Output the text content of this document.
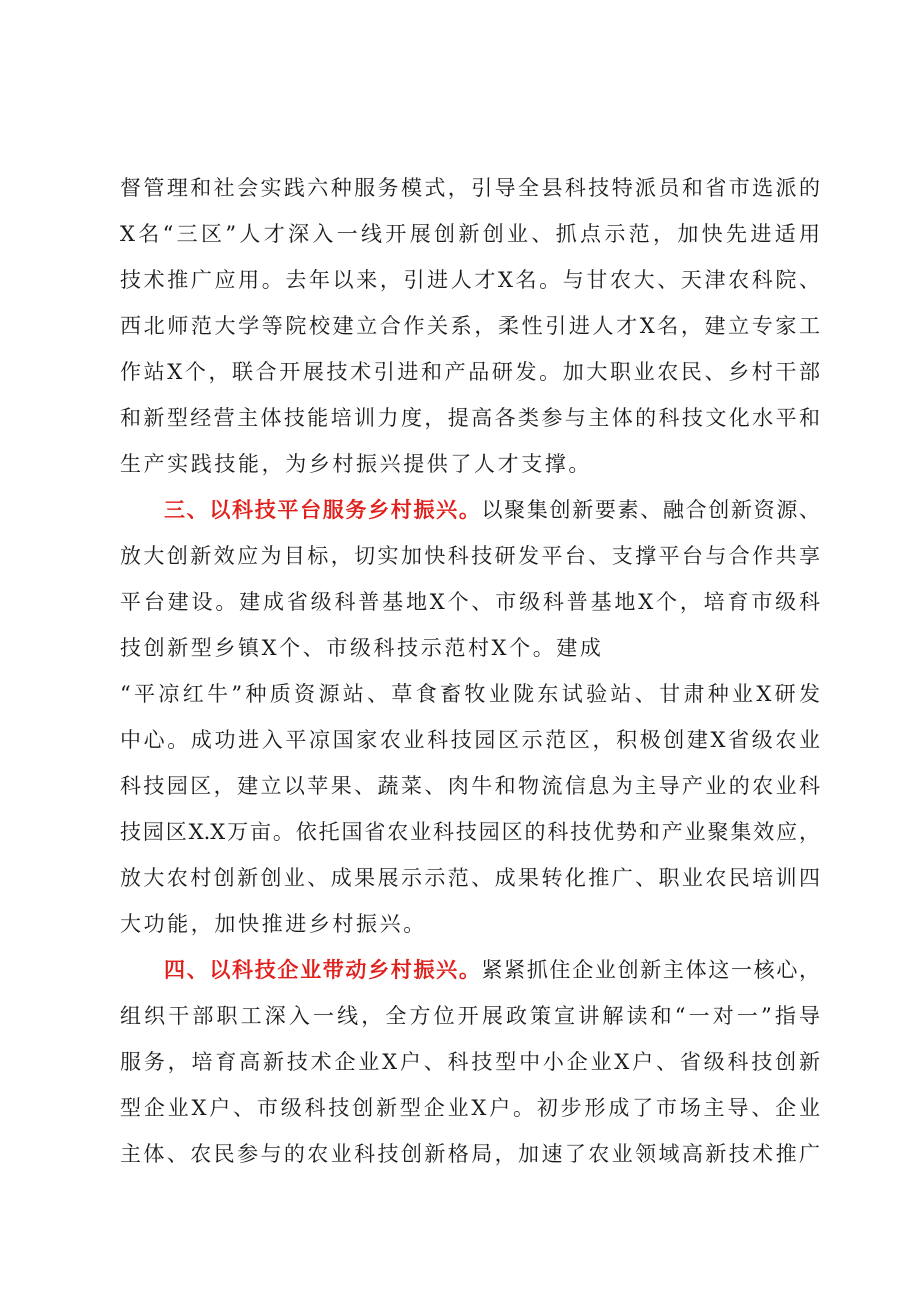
督管理和社会实践六种服务模式，引导全县科技特派员和省市选派的
X名“三区”人才深入一线开展创新创业、抓点示范，加快先进适用
技术推广应用。去年以来，引进人才X名。与甘农大、天津农科院、
西北师范大学等院校建立合作关系，柔性引进人才X名，建立专家工
作站X个，联合开展技术引进和产品研发。加大职业农民、乡村干部
和新型经营主体技能培训力度，提高各类参与主体的科技文化水平和
生产实践技能，为乡村振兴提供了人才支撑。
三、以科技平台服务乡村振兴。以聚集创新要素、融合创新资源、
放大创新效应为目标，切实加快科技研发平台、支撑平台与合作共享
平台建设。建成省级科普基地X个、市级科普基地X个，培育市级科
技创新型乡镇X个、市级科技示范村X个。建成
“平凉红牛”种质资源站、草食畜牧业陇东试验站、甘肃种业X研发
中心。成功进入平凉国家农业科技园区示范区，积极创建X省级农业
科技园区，建立以苹果、蔬菜、肉牛和物流信息为主导产业的农业科
技园区X.X万亩。依托国省农业科技园区的科技优势和产业聚集效应，
放大农村创新创业、成果展示示范、成果转化推广、职业农民培训四
大功能，加快推进乡村振兴。
四、以科技企业带动乡村振兴。紧紧抓住企业创新主体这一核心，
组织干部职工深入一线，全方位开展政策宣讲解读和“一对一”指导
服务，培育高新技术企业X户、科技型中小企业X户、省级科技创新
型企业X户、市级科技创新型企业X户。初步形成了市场主导、企业
主体、农民参与的农业科技创新格局，加速了农业领域高新技术推广
